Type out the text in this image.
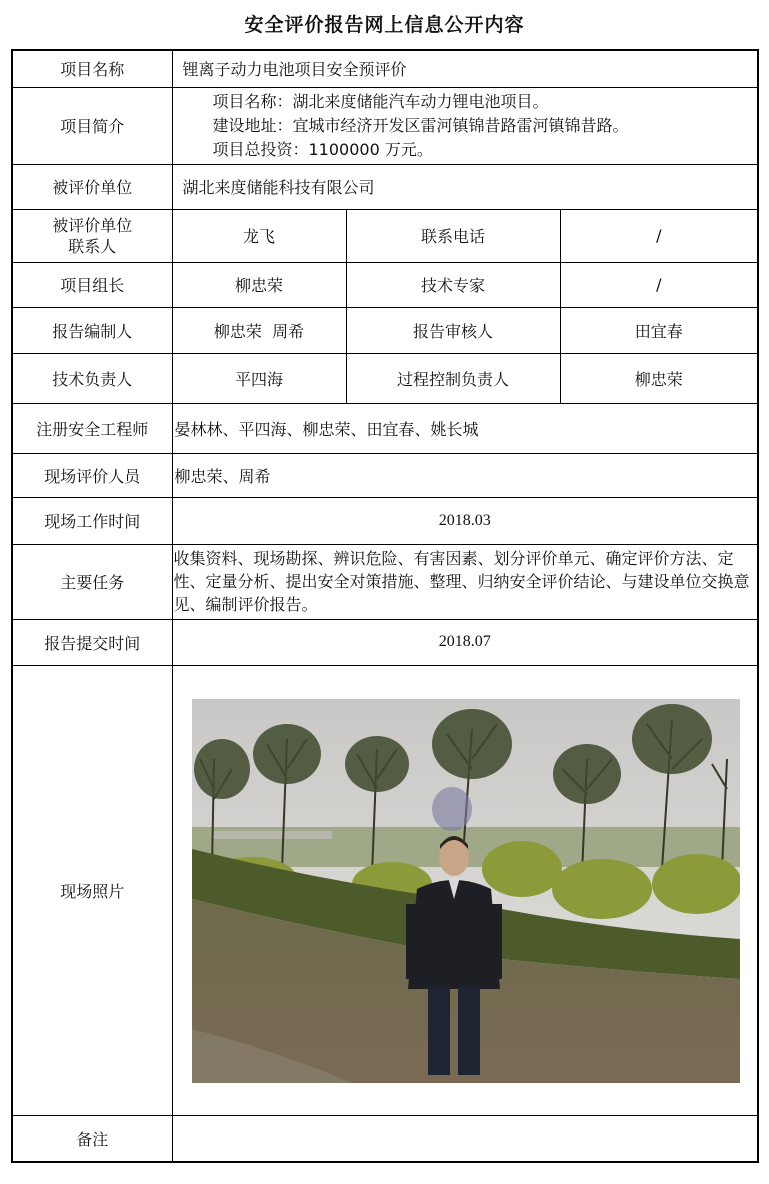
安全评价报告网上信息公开内容
项目名称	锂离子动力电池项目安全预评价		
项目简介	项目名称：湖北来度储能汽车动力锂电池项目。
建设地址：宜城市经济开发区雷河镇锦昔路雷河镇锦昔路。
项目总投资：1100000 万元。		

被评价单位	湖北来度储能科技有限公司		

被评价单位
联系人	龙飞	联系电话	/
项目组长	柳忠荣	技术专家	/
报告编制人	柳忠荣  周希	报告审核人	田宜春
技术负责人	平四海	过程控制负责人	柳忠荣
注册安全工程师	晏林林、平四海、柳忠荣、田宜春、姚长城		
现场评价人员	柳忠荣、周希		
现场工作时间	2018.03		
主要任务	收集资料、现场勘探、辨识危险、有害因素、划分评价单元、确定评价方法、定性、定量分析、提出安全对策措施、整理、归纳安全评价结论、与建设单位交换意见、编制评价报告。		
报告提交时间	2018.07		
现场照片	

备注			
